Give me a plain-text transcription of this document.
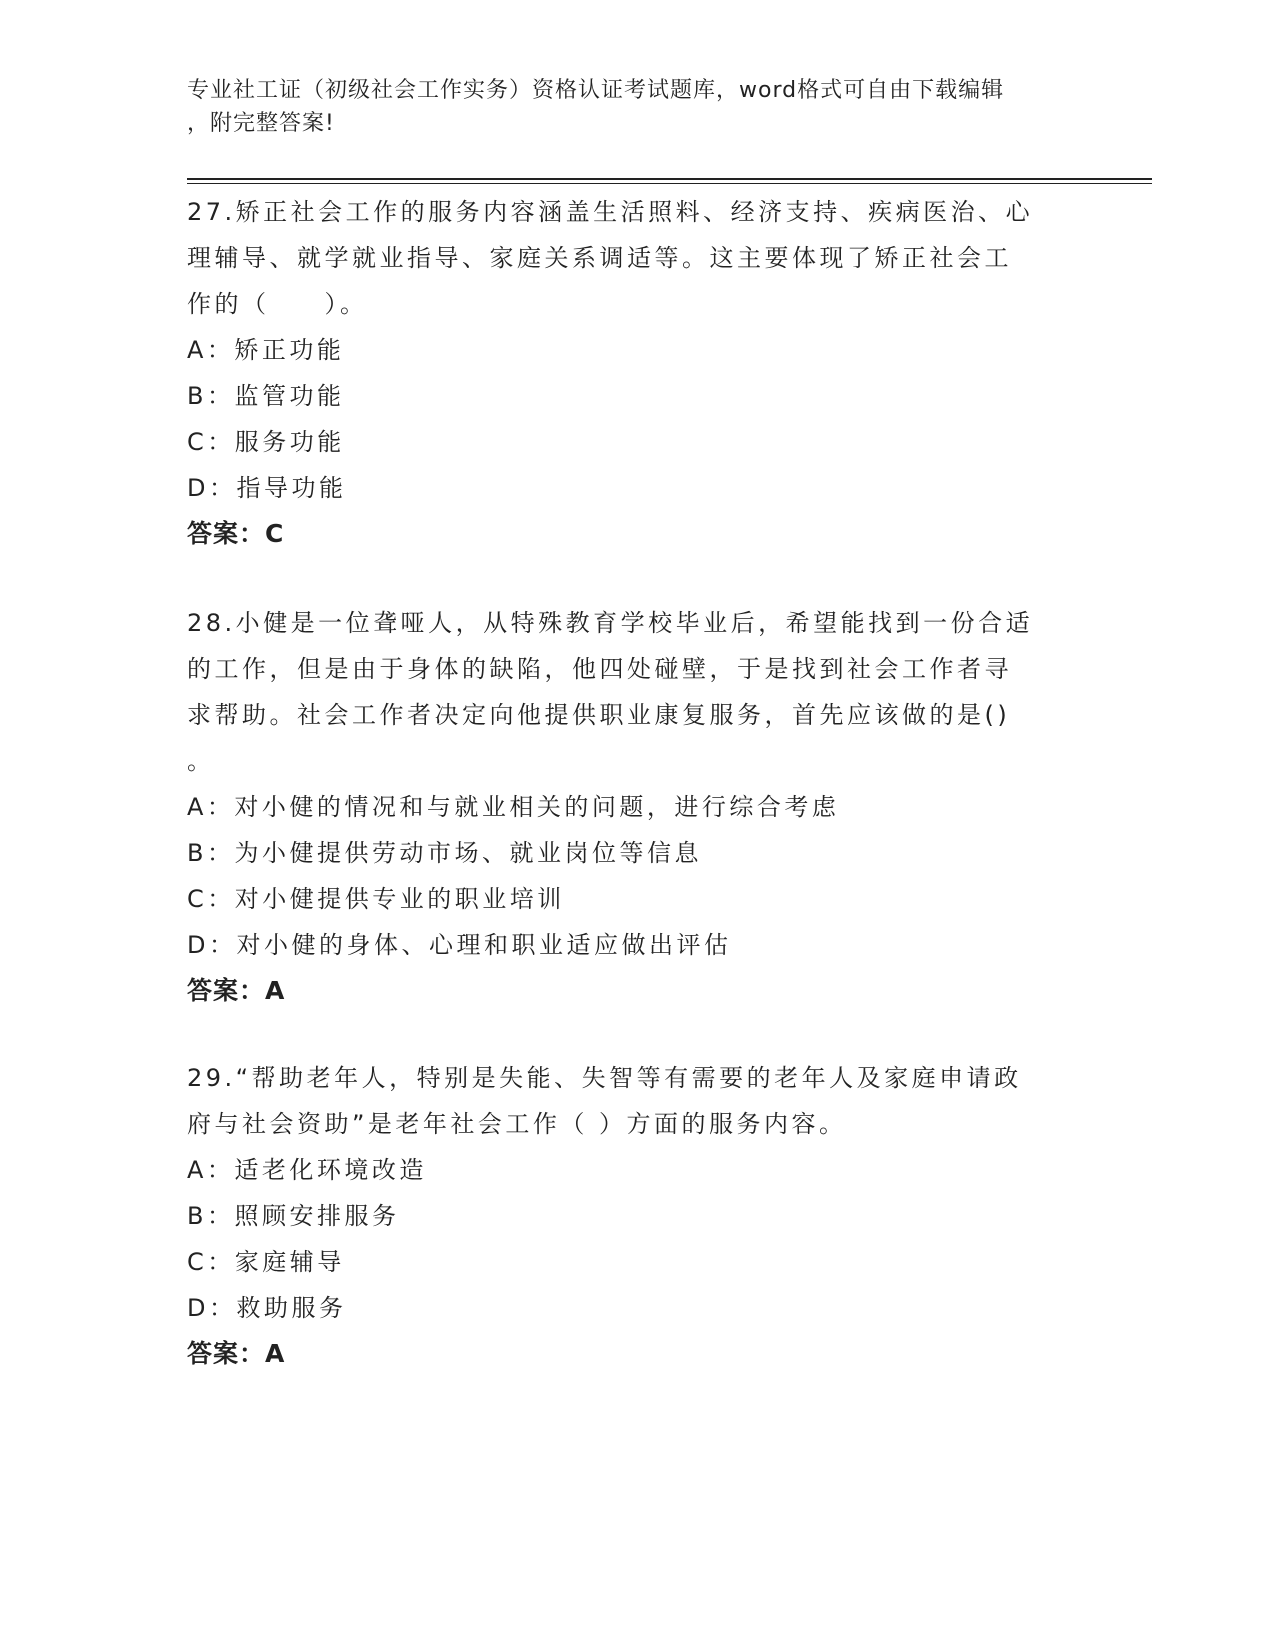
专业社工证（初级社会工作实务）资格认证考试题库，word格式可自由下载编辑
，附完整答案!

27.矫正社会工作的服务内容涵盖生活照料、经济支持、疾病医治、心

理辅导、就学就业指导、家庭关系调适等。这主要体现了矫正社会工

作的（　　）。

A：矫正功能

B：监管功能

C：服务功能

D：指导功能

答案：C

28.小健是一位聋哑人，从特殊教育学校毕业后，希望能找到一份合适

的工作，但是由于身体的缺陷，他四处碰壁，于是找到社会工作者寻

求帮助。社会工作者决定向他提供职业康复服务，首先应该做的是()

。

A：对小健的情况和与就业相关的问题，进行综合考虑

B：为小健提供劳动市场、就业岗位等信息

C：对小健提供专业的职业培训

D：对小健的身体、心理和职业适应做出评估

答案：A

29.“帮助老年人，特别是失能、失智等有需要的老年人及家庭申请政

府与社会资助”是老年社会工作（ ）方面的服务内容。

A：适老化环境改造

B：照顾安排服务

C：家庭辅导

D：救助服务

答案：A
